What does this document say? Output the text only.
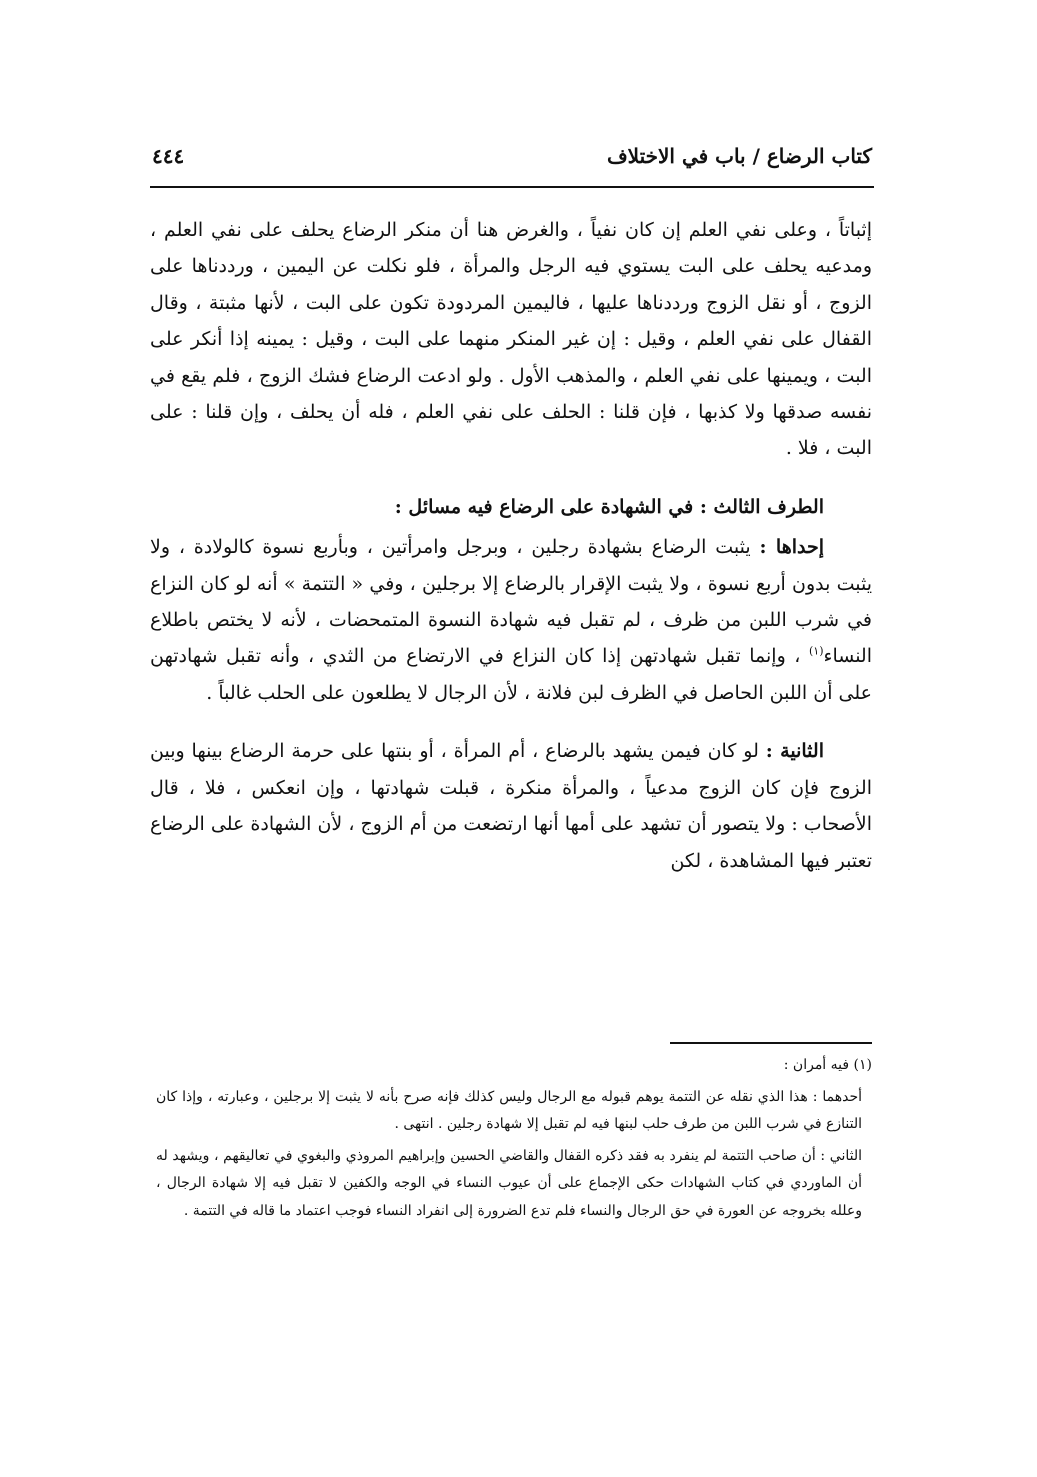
كتاب الرضاع / باب في الاختلاف
٤٤٤

إثباتاً ، وعلى نفي العلم إن كان نفياً ، والغرض هنا أن منكر الرضاع يحلف على نفي العلم ، ومدعيه يحلف على البت يستوي فيه الرجل والمرأة ، فلو نكلت عن اليمين ، ورددناها على الزوج ، أو نقل الزوج ورددناها عليها ، فاليمين المردودة تكون على البت ، لأنها مثبتة ، وقال القفال على نفي العلم ، وقيل : إن غير المنكر منهما على البت ، وقيل : يمينه إذا أنكر على البت ، ويمينها على نفي العلم ، والمذهب الأول . ولو ادعت الرضاع فشك الزوج ، فلم يقع في نفسه صدقها ولا كذبها ، فإن قلنا : الحلف على نفي العلم ، فله أن يحلف ، وإن قلنا : على البت ، فلا .

الطرف الثالث : في الشهادة على الرضاع فيه مسائل :

إحداها : يثبت الرضاع بشهادة رجلين ، وبرجل وامرأتين ، وبأربع نسوة كالولادة ، ولا يثبت بدون أربع نسوة ، ولا يثبت الإقرار بالرضاع إلا برجلين ، وفي « التتمة » أنه لو كان النزاع في شرب اللبن من ظرف ، لم تقبل فيه شهادة النسوة المتمحضات ، لأنه لا يختص باطلاع النساء$^{(١)}$ ، وإنما تقبل شهادتهن إذا كان النزاع في الارتضاع من الثدي ، وأنه تقبل شهادتهن على أن اللبن الحاصل في الظرف لبن فلانة ، لأن الرجال لا يطلعون على الحلب غالباً .

الثانية : لو كان فيمن يشهد بالرضاع ، أم المرأة ، أو بنتها على حرمة الرضاع بينها وبين الزوج فإن كان الزوج مدعياً ، والمرأة منكرة ، قبلت شهادتها ، وإن انعكس ، فلا ، قال الأصحاب : ولا يتصور أن تشهد على أمها أنها ارتضعت من أم الزوج ، لأن الشهادة على الرضاع تعتبر فيها المشاهدة ، لكن

(١) فيه أمران :

أحدهما : هذا الذي نقله عن التتمة يوهم قبوله مع الرجال وليس كذلك فإنه صرح بأنه لا يثبت إلا برجلين ، وعبارته ، وإذا كان التنازع في شرب اللبن من طرف حلب لبنها فيه لم تقبل إلا شهادة رجلين . انتهى .

الثاني : أن صاحب التتمة لم ينفرد به فقد ذكره القفال والقاضي الحسين وإبراهيم المروذي والبغوي في تعاليقهم ، ويشهد له أن الماوردي في كتاب الشهادات حكى الإجماع على أن عيوب النساء في الوجه والكفين لا تقبل فيه إلا شهادة الرجال ، وعلله بخروجه عن العورة في حق الرجال والنساء فلم تدع الضرورة إلى انفراد النساء فوجب اعتماد ما قاله في التتمة .
